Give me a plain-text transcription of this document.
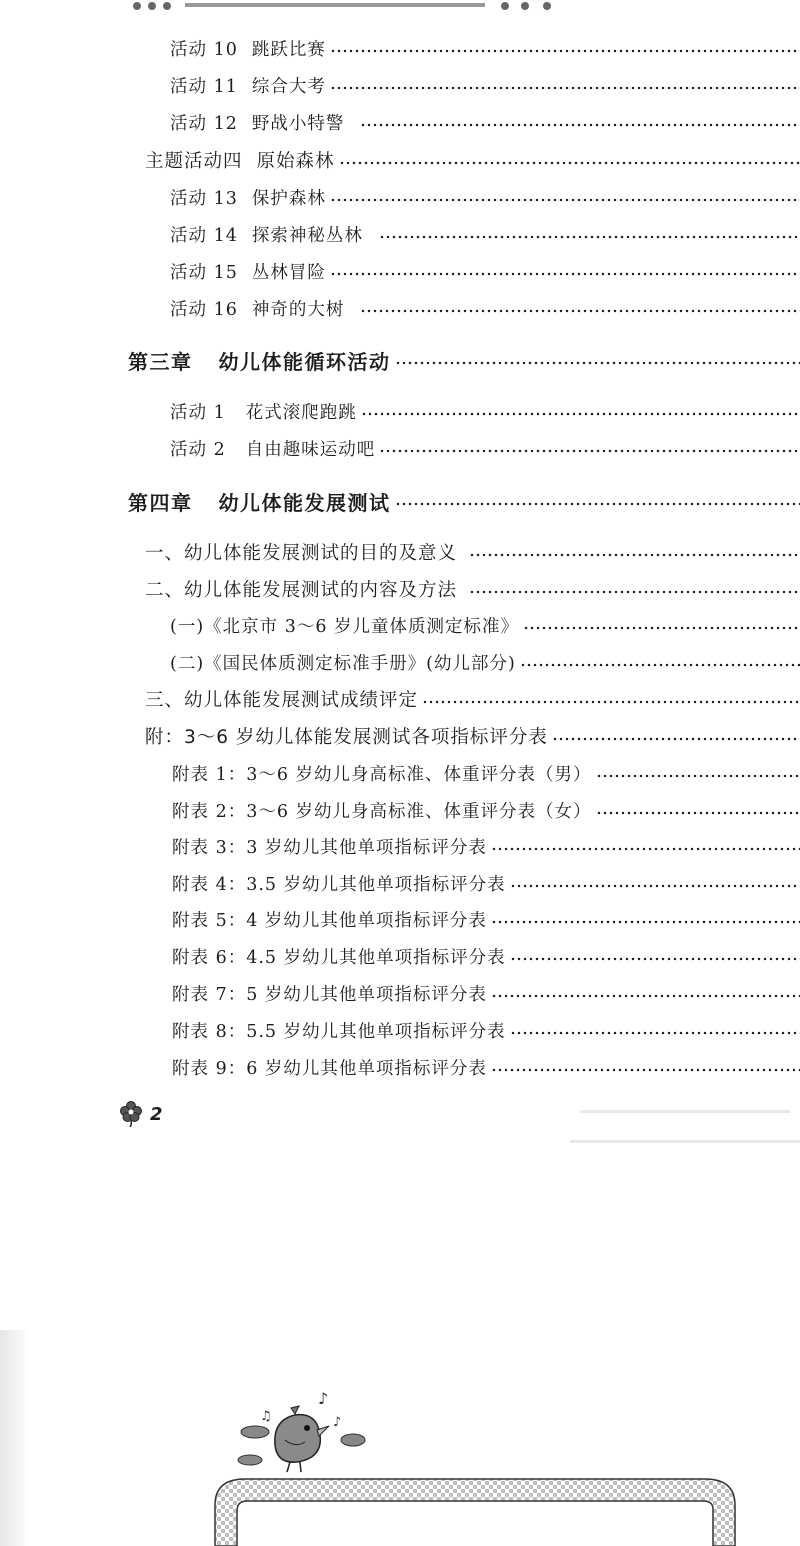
活动 10 跳跃比赛
活动 11 综合大考
活动 12 野战小特警
主题活动四 原始森林
活动 13 保护森林
活动 14 探索神秘丛林
活动 15 丛林冒险
活动 16 神奇的大树
第三章 幼儿体能循环活动
活动 1 花式滚爬跑跳
活动 2 自由趣味运动吧
第四章 幼儿体能发展测试
一、幼儿体能发展测试的目的及意义
二、幼儿体能发展测试的内容及方法
(一)《北京市 3～6 岁儿童体质测定标准》
(二)《国民体质测定标准手册》(幼儿部分)
三、幼儿体能发展测试成绩评定
附：3～6 岁幼儿体能发展测试各项指标评分表
附表 1：3～6 岁幼儿身高标准、体重评分表（男）
附表 2：3～6 岁幼儿身高标准、体重评分表（女）
附表 3：3 岁幼儿其他单项指标评分表
附表 4：3.5 岁幼儿其他单项指标评分表
附表 5：4 岁幼儿其他单项指标评分表
附表 6：4.5 岁幼儿其他单项指标评分表
附表 7：5 岁幼儿其他单项指标评分表
附表 8：5.5 岁幼儿其他单项指标评分表
附表 9：6 岁幼儿其他单项指标评分表
2
♪
♫	♪
